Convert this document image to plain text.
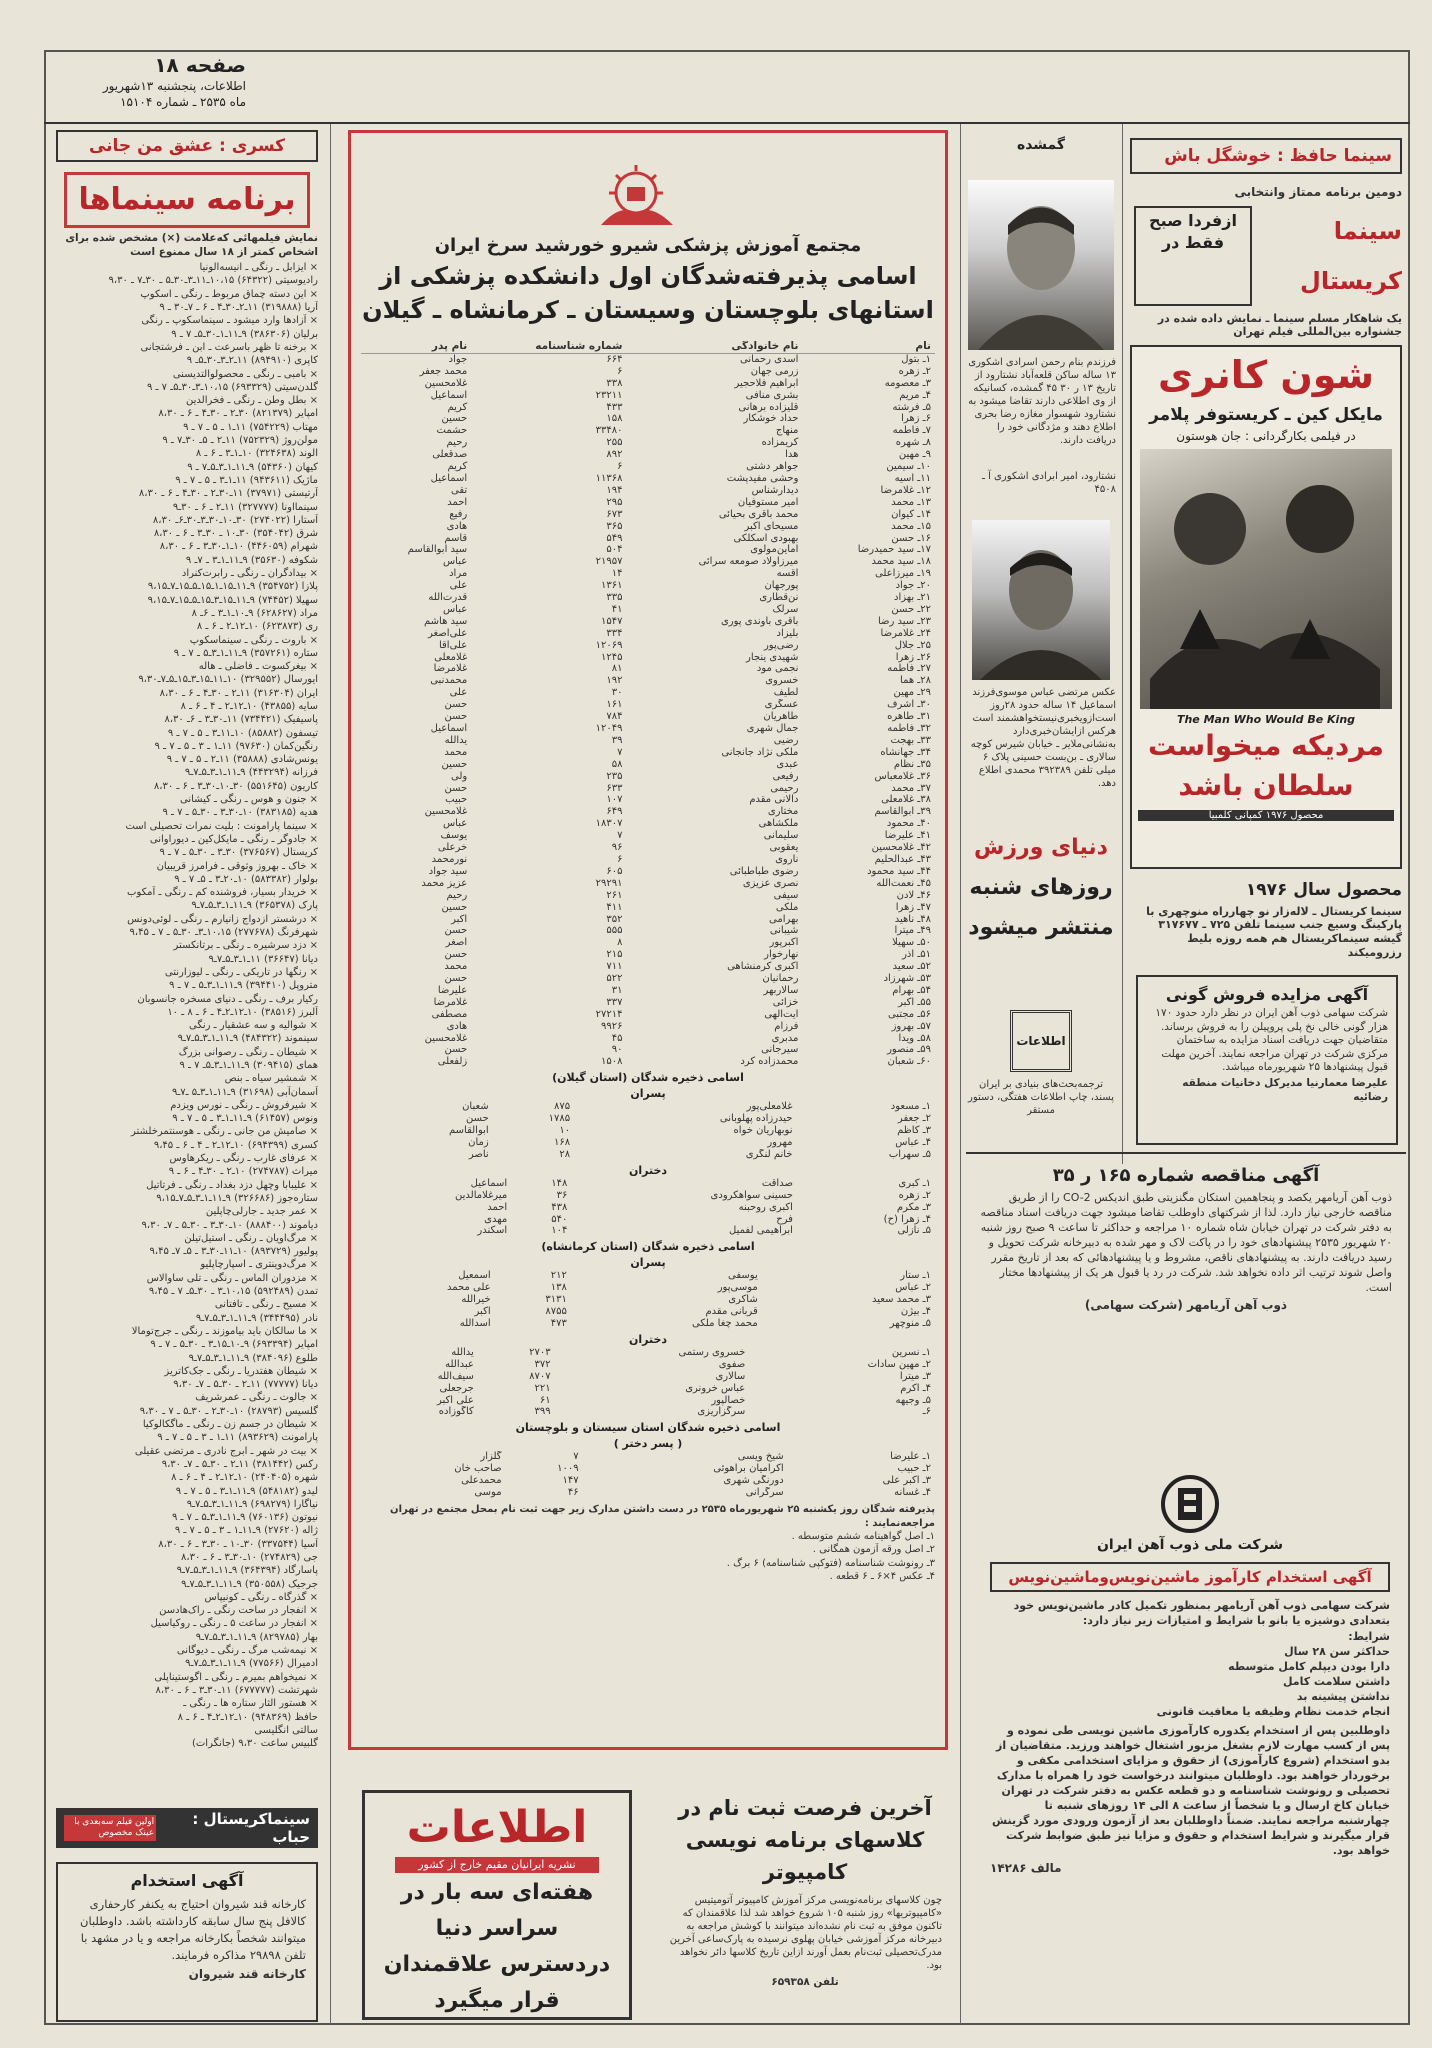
صفحه ۱۸
اطلاعات، پنجشنبه ۱۳شهریور
ماه ۲۵۳۵ ـ شماره ۱۵۱۰۴
کسری : عشق من جانی
برنامه سینماها
نمایش فیلمهائی که‌علامت (×) مشخص شده برای اشخاص کمتر از ۱۸ سال ممنوع است
× ایزابل ـ رنگی ـ انیسه‌الونیا
رادیوسیتی (۶۴۳۲۲) ۱۰،۱۵ـ۱۱ـ۳ـ۳۰ـ۵ ـ ۳۰ـ۷ ـ ۹،۳۰
× این دسته چماق مربوط ـ رنگی ـ اسکوپ
آریا (۳۱۹۸۸۸) ۱۱ـ۲ـ۳۰ـ۴ ـ ۶ ـ ۷ـ۳۰ ـ ۹
× آزادها وارد میشود ـ سینماسکوپ ـ رنگی
برلیان (۳۸۶۳۰۶) ۹ـ۱۱ـ۱ـ۳۰ـ۵ـ ۷ ـ ۹
× برخنه تا ظهر باسرعت ـ ابن ـ فرشتجانی
کاپری (۸۹۴۹۱۰) ۱۱ـ۲ـ۳ـ۳۰ـ۵ـ ۹
× بامبی ـ رنگی ـ محصولوالتدیسنی
گلدن‌سیتی (۶۹۳۳۲۹) ۱۰،۱۵ـ۳ـ۳۰ـ۵ـ ۷ ـ ۹
× بطل وطن ـ رنگی ـ فخرالدین
امپایر (۸۲۱۳۷۹) ۳۰ـ۲ ـ ۳۰ـ۴ ـ ۶ ـ ۸،۳۰
مهتاب (۷۵۴۲۲۹) ۱۱ـ۱ ـ ۵ ـ ۷ ـ ۹
مولن‌روژ (۷۵۲۳۲۹) ۱۱ـ۲ ـ ۵ـ ۳۰ـ۷ ـ ۹
الوند (۳۲۴۶۳۸) ۱۰ـ۱ـ۳ ـ ۶ ـ ۸
کیهان (۵۴۳۶۰) ۹ـ۱۱ـ۱ـ۳ـ۵ـ۷ ـ ۹
ماژیک (۹۴۳۶۱۱) ۱۱ـ۱ـ۳ ـ ۵ ـ ۷ ـ ۹
آرتیستی (۳۷۹۷۱) ۱۱ـ۳۰ـ۲ ـ ۳۰ـ۴ ـ ۶ ـ ۸،۳۰
سینمااونا (۳۲۷۷۷۷) ۱۱ـ۲ ـ ۶ ـ ۳۰ـ۹
آستارا (۲۷۴۰۲۲) ۳۰ـ۱۰ـ۳۰ـ۳ـ۳۰ـ۶ـ ۸،۳۰
شرق (۳۵۴۰۴۲) ۳۰ـ۱۰ ـ ۳۰ـ۳ ـ ۶ ـ ۸،۳۰
شهرام (۴۴۶۰۵۹) ۱۰ـ۱ـ۳۰ـ۳ ـ ۶ ـ ۸،۳۰
شکوفه (۳۵۶۳۰) ۹ـ۱۱ـ۱ـ۳ ـ ۷ـ ۹
× بیدادگران ـ رنگی ـ رابرت‌کنراد
پلازا (۳۵۴۷۵۲) ۹ـ۱۱ـ۱۵ـ۱ـ۱۵ـ۵ـ۱۵ـ۷ـ۹،۱۵
سهیلا (۷۴۴۵۲) ۹ـ۱۱ـ۱۵ـ۳ـ۱۵ـ۵ـ۱۵ـ۷ـ۹،۱۵
مراد (۶۲۸۶۲۷) ۹ـ۱۰ـ۱ـ۳ ـ ۶ـ ۸
ری (۶۲۳۸۷۳) ۱۰ـ۱۲ـ۲ ـ ۶ ـ ۸
× باروت ـ رنگی ـ سینماسکوپ
ستاره (۳۵۷۲۶۱) ۹ـ۱۱ـ۱ـ۳ـ۵ ـ ۷ ـ ۹
× بیغرکسوت ـ فاضلی ـ هاله
ایورسال (۳۲۹۵۵۲) ۱۰ـ۱۱ـ۱۵ـ۳ـ۱۵ـ۵ـ۷ـ۹،۳۰
ایران (۳۱۶۳۰۴) ۱۱ـ۲ ـ ۳۰ـ۴ ـ ۶ ـ ۸،۳۰
سایه (۴۳۸۵۵) ۱۰ـ۱۲ـ۲ ـ ۴ ـ ۶ ـ ۸
پاسیفیک (۷۳۴۴۲۱) ۱۱ـ۳۰ـ۳ ـ ۶ـ ۸،۳۰
تیسفون (۸۵۸۸۲) ۱۰ـ۱۱ـ۳ ـ ۵ ـ ۷ ـ ۹
رنگین‌کمان (۹۷۶۳۰) ۱۱ـ۱ ـ ۳ ـ ۵ ـ ۷ ـ ۹
یونس‌شادی (۳۵۸۸۸) ۱۱ـ۲ ـ ۵ ـ ۷ ـ ۹
فرزانه (۴۴۳۲۹۴) ۹ـ۱۱ـ۱ـ۳ـ۵ـ۷ـ۹
کاریون (۵۵۱۶۴۵) ۳۰ـ۱۰ـ۳۰ـ۳ ـ ۶ ـ ۸،۳۰
× جنون و هوس ـ رنگی ـ کیشانی
هدیه (۳۸۳۱۸۵) ۱۰ـ۳۰ـ۳ ـ ۳۰ـ۵ ـ ۷ ـ ۹
× سینما پارامونت : بلیت نمرات تحصیلی است
× جادوگر ـ رنگی ـ مایکل‌کین ـ دیوراوانی
کریستال (۳۷۶۵۶۷) ۳۰ـ۳ ـ ۳۰ـ۵ ـ ۷ ـ ۹
× خاک ـ بهروز وثوقی ـ فرامرز قریبیان
بولوار (۵۸۳۳۸۲) ۱۰ـ۲۰ـ۳ ـ ۵ـ ۷ ـ ۹
× خریدار بسیار، فروشنده کم ـ رنگی ـ آمکوب
پارک (۳۶۵۳۷۸) ۹ـ۱۱ـ۱ـ۳ـ۵ـ۷ـ۹
× درشستر ازدواج زانیارم ـ رنگی ـ لوئی‌دونس
شهرفرنگ (۲۷۷۶۷۸) ۱۰،۱۵ـ۳ـ ۳۰ـ۵ ـ ۷ ـ ۹،۴۵
× دزد سرشیره ـ رنگی ـ برتانکستر
دیانا (۳۶۶۴۷) ۱۱ـ۱ـ۳ـ۵ـ۷ـ۹
× رنگها در تاریکی ـ رنگی ـ لیوزارنتی
متروپل (۳۹۴۴۱۰) ۹ـ۱۱ـ۱ـ۳ـ۵ ـ ۷ ـ ۹
رکیار برف ـ رنگی ـ دنیای مسخره جانسوبان
آلبرز (۳۸۵۱۶) ۱۰ـ۱۲ـ۲ـ۴ ـ ۶ ـ ۸ ـ ۱۰
× شوالیه و سه عشقیار ـ رنگی
سینموند (۴۸۴۳۲۲) ۹ـ۱۱ـ۱ـ۳ـ۵ـ۷ـ۹
× شیطان ـ رنگی ـ رصوانی بزرگ
همای (۳۰۹۴۱۵) ۹ـ۱۱ـ۱ـ۳ـ۵ـ ۷ ـ ۹
× شمشیر سیاه ـ بنص
آسمان‌آبی (۳۱۶۹۸) ۹ـ۱۱ـ۱ـ۳ـ۵ ـ۷ـ۹
× شیرفروش ـ رنگی ـ نورس ویزدم
ونوس (۶۱۴۵۷) ۹ـ۱۱ـ۱ـ۳ ـ ۵ ـ ۷ ـ ۹
× صامیش من جانی ـ رنگی ـ هوسنتمرخلشتر
کسری (۶۹۴۳۹۹) ۱۰ـ۱۲ـ۲ ـ ۴ ـ ۶ ـ ۹،۴۵
× عرفای غارب ـ رنگی ـ ریکرهاوس
میراث (۲۷۴۷۸۷) ۱۰ـ۲ ـ ۳۰ـ۴ ـ ۶ ـ ۹
× علیبابا وچهل دزد بغداد ـ رنگی ـ فرتاتیل
ستاره‌جوز (۳۲۶۶۸۶) ۹ـ۱۱ـ۱ـ۳ـ۵ـ۷ـ۹،۱۵
× عمر جدید ـ جارلی‌چاپلین
دیاموند (۸۸۸۴۰۰) ۱۰ـ۳۰ـ۳ ـ ۳۰ـ۵ ـ ۷ـ ۹،۳۰
× مرگ‌اویان ـ رنگی ـ استیل‌تیلن
پولیور (۸۹۳۷۲۹) ۱۰ـ۱۱ـ۳۰ـ۳ ـ ۵ـ ۷ـ ۹،۴۵
× مرگ‌دوینتری ـ اسپارچاپلیو
× مزدوران الماس ـ رنگی ـ تلی ساوالاس
تمدن (۵۹۲۴۸۹) ۱۰،۱۵ـ۳ ـ ۳۰ـ۵ـ ۷ ـ ۹،۴۵
× مسیح ـ رنگی ـ تافتانی
نادر (۳۴۴۴۹۵) ۹ـ۱۱ـ۱ـ۳ـ۵ـ۷ـ۹
× ما سالکان باید بیاموزند ـ رنگی ـ جرج‌تومالا
امپایر (۶۹۳۳۹۴) ۹ـ۱۰ـ۱۵ـ۳ ـ ۳۰ـ۵ ـ ۷ ـ ۹
طلوع (۳۸۴۰۹۶) ۹ـ۱۱ـ۱ـ۳ـ۵ـ۷ـ۹
× شیطان هفتدریا ـ رنگی ـ جک‌کاتریز
دیانا (۷۷۷۷۷) ۱۱ـ۲ ـ ۳۰ـ۵ ـ ۷ـ ۹،۳۰
× جالوت ـ رنگی ـ عمرشریف
گلسیس (۲۸۷۹۳) ۱۰ـ۳۰ـ۲ ـ ۳۰ـ۵ ـ ۷ ـ ۹،۳۰
× شیطان در جسم زن ـ رنگی ـ ماگکالوکیا
پارامونت (۸۹۳۶۲۹) ۱۱ـ۱ ـ ۳ ـ ۵ ـ ۷ ـ ۹
× بیت در شهر ـ ابرج نادری ـ مرتضی عقیلی
رکس (۳۸۱۴۴۲) ۱۱ـ۲ ـ ۳۰ـ۵ ـ ۷ـ ۹،۳۰
شهره (۲۴۰۴۰۵) ۱۰ـ۱۲ـ۲ ـ ۴ ـ ۶ ـ ۸
لیدو (۵۴۸۱۸۲) ۹ـ۱۱ـ۱ـ۳ ـ ۵ ـ ۷ ـ ۹
نیاگارا (۶۹۸۲۷۹) ۹ـ۱۱ـ۱ـ۳ـ۵ـ۷ـ۹
نیوتون (۷۶۰۱۳۶) ۹ـ۱۱ـ۱ـ۳ـ۵ ـ ۷ ـ ۹
ژاله (۲۷۶۲۰) ۹ـ۱۱ـ۱ ـ ۳ ـ ۵ ـ ۷ ـ ۹
آسیا (۳۳۷۵۴۴) ۳۰ـ۱۰ ـ ۳۰ـ۳ ـ ۶ ـ ۸،۳۰
جی (۲۷۴۸۲۹) ۱۰ـ۳۰ـ۳ ـ ۶ ـ ۸،۳۰
پاسارگاد (۳۶۴۳۹۴) ۹ـ۱۱ـ۱ـ۳ـ۵ـ۷ـ۹
جرجیک (۳۵۰۵۵۸) ۹ـ۱۱ـ۱ـ۳ـ۵ـ۷ـ۹
× گذرگاه ـ رنگی ـ کونیپاس
× انفجار در ساحت رنگی ـ راک‌هادسن
× انفجار در ساعت ۵ ـ رنگی ـ روکیاسیل
بهار (۸۲۹۷۸۵) ۹ـ۱۱ـ۱ـ۳ـ۵ـ۷ـ۹
× نیمه‌شب مرگ ـ رنگی ـ دیوگانی
ادمیرال (۷۷۵۶۶) ۹ـ۱۱ـ۱ـ۳ـ۵ـ۷ـ۹
× نمیخواهم بمیرم ـ رنگی ـ اگوستیناپلی
شهرتشت (۶۷۷۷۷۷) ۱۱ـ۳۰ـ۳ ـ ۶ ـ ۸،۳۰
× هستور الثار ستاره ها ـ رنگی ـ
حافظ (۹۴۸۳۶۹) ۱۰ـ۱۲ـ۲ـ۴ ـ ۶ ـ ۸
سالتی انگلیسی
گلبیس ساعت ۹،۳۰ (جانگرات)
سینماکریستال : حباب
اولین فیلم سه‌بعدی با عینک مخصوص
آگهی استخدام
کارخانه قند شیروان احتیاج به یکنفر کارحفاری کالافل پنج سال سابقه کارداشته باشد. داوطلبان میتوانند شخصاً بکارخانه مراجعه و یا در مشهد با تلفن ۲۹۸۹۸ مذاکره فرمایند.
کارخانه قند شیروان
مجتمع آموزش پزشکی شیرو خورشید سرخ ایران
اسامی پذیرفته‌شدگان اول دانشکده پزشکی از
استانهای بلوچستان وسیستان ـ کرمانشاه ـ گیلان
نام	نام خانوادگی	شماره شناسنامه	نام پدر
۱ـ بتول	اسدی رحمانی	۶۶۴	جواد
۲ـ زهره	زرمی جهان	۶	محمد جعفر
۳ـ معصومه	ابراهیم فلاحجیر	۳۳۸	غلامحسین
۴ـ مریم	بشری منافی	۲۳۲۱۱	اسماعیل
۵ـ فرشته	قلیزاده برهانی	۴۳۳	کریم
۶ـ زهرا	حداد خوشکار	۱۵۸	حسین
۷ـ فاطمه	منهاج	۳۳۴۸۰	حشمت
۸ـ شهره	کریمزاده	۲۵۵	رحیم
۹ـ مهین	هدا	۸۹۲	صدقعلی
۱۰ـ سیمین	جواهر دشتی	۶	کریم
۱۱ـ آسیه	وحشی مفیدپشت	۱۱۳۶۸	اسماعیل
۱۲ـ غلامرضا	دیدارشناس	۱۹۴	تقی
۱۳ـ محمد	امیر مستوفیان	۲۹۵	احمد
۱۴ـ کیوان	محمد باقری بحیائی	۶۷۳	رفیع
۱۵ـ محمد	مسیحای اکبر	۳۶۵	هادی
۱۶ـ حسن	بهبودی اسکلکی	۵۴۹	قاسم
۱۷ـ سید حمیدرضا	اماین‌مولوی	۵۰۴	سید ابوالقاسم
۱۸ـ سید محمد	میرزاولاد صومعه سرائی	۲۱۹۵۷	عباس
۱۹ـ میرزاعلی	آقسه	۱۴	مراد
۲۰ـ جواد	پورجهان	۱۳۶۱	علی
۲۱ـ بهزاد	نن‌قطاری	۳۳۵	قدرت‌الله
۲۲ـ حسن	سرلک	۴۱	عباس
۲۳ـ سید رضا	باقری باوندی پوری	۱۵۴۷	سید هاشم
۲۴ـ غلامرضا	بلیزاد	۳۳۴	علی‌اصغر
۲۵ـ جلال	رضی‌پور	۱۲۰۶۹	علی‌آقا
۲۶ـ زهرا	شهیدی ینجار	۱۲۴۵	غلامعلی
۲۷ـ فاطمه	نجمی مود	۸۱	غلامرضا
۲۸ـ هما	خسروی	۱۹۲	محمدنبی
۲۹ـ مهین	لطیف	۳۰	علی
۳۰ـ اشرف	عسگری	۱۶۱	حسن
۳۱ـ طاهره	طاهریان	۷۸۴	حسن
۳۲ـ فاطمه	جمال شهری	۱۲۰۴۹	اسماعیل
۳۳ـ بهجت	رضیی	۳۹	یدالله
۳۴ـ جهانشاه	ملکی نژاد جانجانی	۷	محمد
۳۵ـ نظام	عبدی	۵۸	حسین
۳۶ـ غلامعباس	رفیعی	۲۳۵	ولی
۳۷ـ محمد	رحیمی	۶۳۳	حسن
۳۸ـ غلامعلی	دالانی مقدم	۱۰۷	حبیب
۳۹ـ ابوالقاسم	مختاری	۶۴۹	غلامحسین
۴۰ـ محمود	ملکشاهی	۱۸۳۰۷	عباس
۴۱ـ علیرضا	سلیمانی	۷	یوسف
۴۲ـ غلامحسین	یعقوبی	۹۶	خرعلی
۴۳ـ عبدالحلیم	ناروی	۶	نورمحمد
۴۴ـ سید محمود	رضوی طباطبائی	۶۰۵	سید جواد
۴۵ـ نعمت‌الله	نصری عزیزی	۲۹۲۹۱	عزیز محمد
۴۶ـ لادن	سیفی	۲۶۱	رحیم
۴۷ـ زهرا	ملکی	۴۱۱	حسین
۴۸ـ ناهید	بهرامی	۳۵۲	اکبر
۴۹ـ میترا	شیبانی	۵۵۵	حسن
۵۰ـ سهیلا	اکبرپور	۸	اصغر
۵۱ـ آذر	نهارخوار	۲۱۵	حسن
۵۲ـ سعید	اکبری کرمنشاهی	۷۱۱	محمد
۵۳ـ شهرزاد	رحمانیان	۵۲۲	حسن
۵۴ـ بهرام	سالاربهر	۳۱	علیرضا
۵۵ـ اکبر	خزائی	۳۳۷	غلامرضا
۵۶ـ مجتبی	آیت‌الهی	۲۷۲۱۴	مصطفی
۵۷ـ بهروز	فرزام	۹۹۲۶	هادی
۵۸ـ ویدا	مدبری	۴۵	غلامحسین
۵۹ـ منصور	سیرجانی	۹۰	حسن
۶۰ـ شعبان	محمدزاده کرد	۱۵۰۸	زلفعلی
اسامی ذخیره شدگان (استان گیلان)
پسران
۱ـ مسعود	غلامعلی‌پور	۸۷۵	شعبان
۲ـ جعفر	حیدرزاده پهلوبانی	۱۷۸۵	حسن
۳ـ کاظم	نوبهاریان خواه	۱۰	ابوالقاسم
۴ـ عباس	مهرور	۱۶۸	زمان
۵ـ سهراب	خانم لنگری	۲۸	ناصر
دختران
۱ـ کبری	صداقت	۱۴۸	اسماعیل
۲ـ زهره	حسینی سواهکرودی	۳۶	میرغلامالدین
۳ـ مکرم	اکبری روحبنه	۴۳۸	احمد
۴ـ زهرا (ح)	فرح	۵۴۰	مهدی
۵ـ نازلی	ابراهیمی لفمیل	۱۰۴	اسکندر
اسامی ذخیره شدگان (استان کرمانشاه)
پسران
۱ـ ستار	یوسفی	۲۱۲	اسمعیل
۲ـ عباس	موسی‌پور	۱۳۸	علی محمد
۳ـ محمد سعید	شاکری	۳۱۳۱	خیرالله
۴ـ بیژن	قربانی مقدم	۸۷۵۵	اکبر
۵ـ منوچهر	محمد چغا ملکی	۴۷۳	اسدالله
دختران
۱ـ نسرین	خسروی رستمی	۲۷۰۳	یدالله
۲ـ مهین سادات	صفوی	۳۷۲	عبدالله
۳ـ میترا	سالاری	۸۷۰۷	سیف‌الله
۴ـ اکرم	عباس خرونری	۲۲۱	جرجعلی
۵ـ وجیهه	خصالپور	۶۱	علی اکبر
۶ـ	سرگزاریزی	۳۹۹	کاگوزاده
اسامی ذخیره شدگان استان سیستان و بلوچستان
( پسر دختر )
۱ـ علیرضا	شیخ ویسی	۷	گلزار
۲ـ حبیب	اکرامیان براهوئی	۱۰۰۹	صاحب خان
۳ـ اکبر علی	دورنگی شهری	۱۴۷	محمدعلی
۴ـ غسانه	سرگرانی	۴۶	موسی
پذیرفته شدگان روز یکشنبه ۲۵ شهریورماه ۲۵۳۵ در دست داشتن مدارک زیر جهت ثبت نام بمحل مجتمع در تهران مراجعه‌نمایند :
۱ـ اصل گواهینامه ششم متوسطه .
۲ـ اصل ورقه آزمون همگانی .
۳ـ رونوشت شناسنامه (فتوکپی شناسنامه) ۶ برگ .
۴ـ عکس ۴×۶ ـ ۶ قطعه .
اطلاعات
نشریه ایرانیان مقیم خارج از کشور
هفته‌ای سه بار در سراسر دنیا
دردسترس علاقمندان
قرار میگیرد
آخرین فرصت ثبت نام در
کلاسهای برنامه نویسی
کامپیوتر
چون کلاسهای برنامه‌نویسی مرکز آموزش کامپیوتر آتومیتیس «کامپیوتریها» روز شنبه ۱۰۵ شروع خواهد شد لذا علاقمندان که تاکنون موفق به ثبت نام نشده‌اند میتوانند با کوشش مراجعه به دبیرخانه مرکز آموزشی خیابان پهلوی نرسیده به پارک‌ساعی آخرین مدرک‌تحصیلی ثبت‌نام بعمل آورند ازاین تاریخ کلاسها دائر نخواهد بود.
تلفن ۶۵۹۳۵۸
گمشده
فرزندم بنام رحمن اسرادی اشکوری ۱۳ ساله ساکن قلعه‌آباد نشتارود از تاریخ ۱۳ ر ۳۰ ۴۵ گمشده، کسانیکه از وی اطلاعی دارند تقاضا میشود به نشتارود شهسوار مغازه رضا بحری اطلاع دهند و مژدگانی خود را دریافت دارند.
نشتارود، امیر ابرادی اشکوری آ ـ ۴۵۰۸
عکس مرتضی عباس موسوی‌فرزند اسماعیل ۱۴ ساله حدود ۲۸روز است‌از‌ویخبری‌نیستخواهشمند است هرکس ازایشان‌خبری‌دارد به‌نشانی‌ملایر ـ خیابان شیرس کوچه سالاری ـ بن‌بست حسینی پلاک ۶ میلی تلفن ۳۹۲۳۸۹ محمدی اطلاع دهد.
دنیای ورزش
روزهای شنبه
منتشر میشود
اطلاعات
ترجمه‌بحث‌های بنیادی بر ایران پسند، چاپ اطلاعات هفتگی، دستور مستقر
سینما حافظ : خوشگل باش
دومین برنامه ممتاز وانتخابی
سینما کریستال
ازفردا صبح فقط در
یک شاهکار مسلم سینما ـ نمایش داده شده در جشنواره بین‌المللی فیلم تهران
شون کانری
مایکل کین ـ کریستوفر پلامر
در فیلمی بکارگردانی : جان هوستون
The Man Who Would Be King
مردیکه میخواست سلطان باشد
محصول ۱۹۷۶ کمپانی کلمبیا
محصول سال ۱۹۷۶
سینما کریستال ـ لاله‌زار نو چهارراه منوچهری با پارکینگ وسیع جنب سینما تلفن ۷۲۵ ـ ۳۱۷۶۷۷ گیشه سینماکریستال هم همه روزه بلیط رزرومیکند
آگهی مزایده فروش گونی
شرکت سهامی ذوب آهن ایران در نظر دارد حدود ۱۷۰ هزار گونی خالی نخ پلی پروپیلن را به فروش برساند. متقاضیان جهت دریافت اسناد مزایده به ساختمان مرکزی شرکت در تهران مراجعه نمایند. آخرین مهلت قبول پیشنهادها ۲۵ شهریورماه میباشد.
علیرضا معمارنیا مدیرکل دخانیات منطقه رضائیه
آگهی مناقصه شماره ۱۶۵ ر ۳۵
ذوب آهن آریامهر یکصد و پنجاهمین استکان مگنزیتی طبق اندیکس CO-2 را از طریق مناقصه خارجی نیاز دارد. لذا از شرکتهای داوطلب تقاضا میشود جهت دریافت اسناد مناقصه به دفتر شرکت در تهران خیابان شاه شماره ۱۰ مراجعه و حداکثر تا ساعت ۹ صبح روز شنبه ۲۰ شهریور ۲۵۳۵ پیشنهادهای خود را در پاکت لاک و مهر شده به دبیرخانه شرکت تحویل و رسید دریافت دارند. به پیشنهادهای ناقص، مشروط و یا پیشنهادهائی که بعد از تاریخ مقرر واصل شوند ترتیب اثر داده نخواهد شد. شرکت در رد یا قبول هر یک از پیشنهادها مختار است.
ذوب آهن آریامهر (شرکت سهامی)
شرکت ملی ذوب آهن ایران
آگهی استخدام کارآموز ماشین‌نویس‌وماشین‌نویس
شرکت سهامی ذوب آهن آریامهر بمنظور تکمیل کادر ماشین‌نویس خود بتعدادی دوشیزه یا بانو با شرایط و امتیازات زیر نیاز دارد:
شرایط:
حداکثر سن ۲۸ سال
دارا بودن دیپلم کامل متوسطه
داشتن سلامت کامل
نداشتن پیشینه بد
انجام خدمت نظام وظیفه یا معافیت قانونی
داوطلبین پس از استخدام یکدوره کارآموزی ماشین نویسی طی نموده و پس از کسب مهارت لازم بشغل مزبور اشتغال خواهند ورزید. متقاضیان از بدو استخدام (شروع کارآموزی) از حقوق و مزایای استخدامی مکفی و برخوردار خواهند بود. داوطلبان میتوانند درخواست خود را همراه با مدارک تحصیلی و رونوشت شناسنامه و دو قطعه عکس به دفتر شرکت در تهران خیابان کاخ ارسال و یا شخصاً از ساعت ۸ الی ۱۴ روزهای شنبه تا چهارشنبه مراجعه نمایند. ضمناً داوطلبان بعد از آزمون ورودی مورد گزینش قرار میگیرند و شرایط استخدام و حقوق و مزایا نیز طبق ضوابط شرکت خواهد بود.
مالف ۱۴۲۸۶
